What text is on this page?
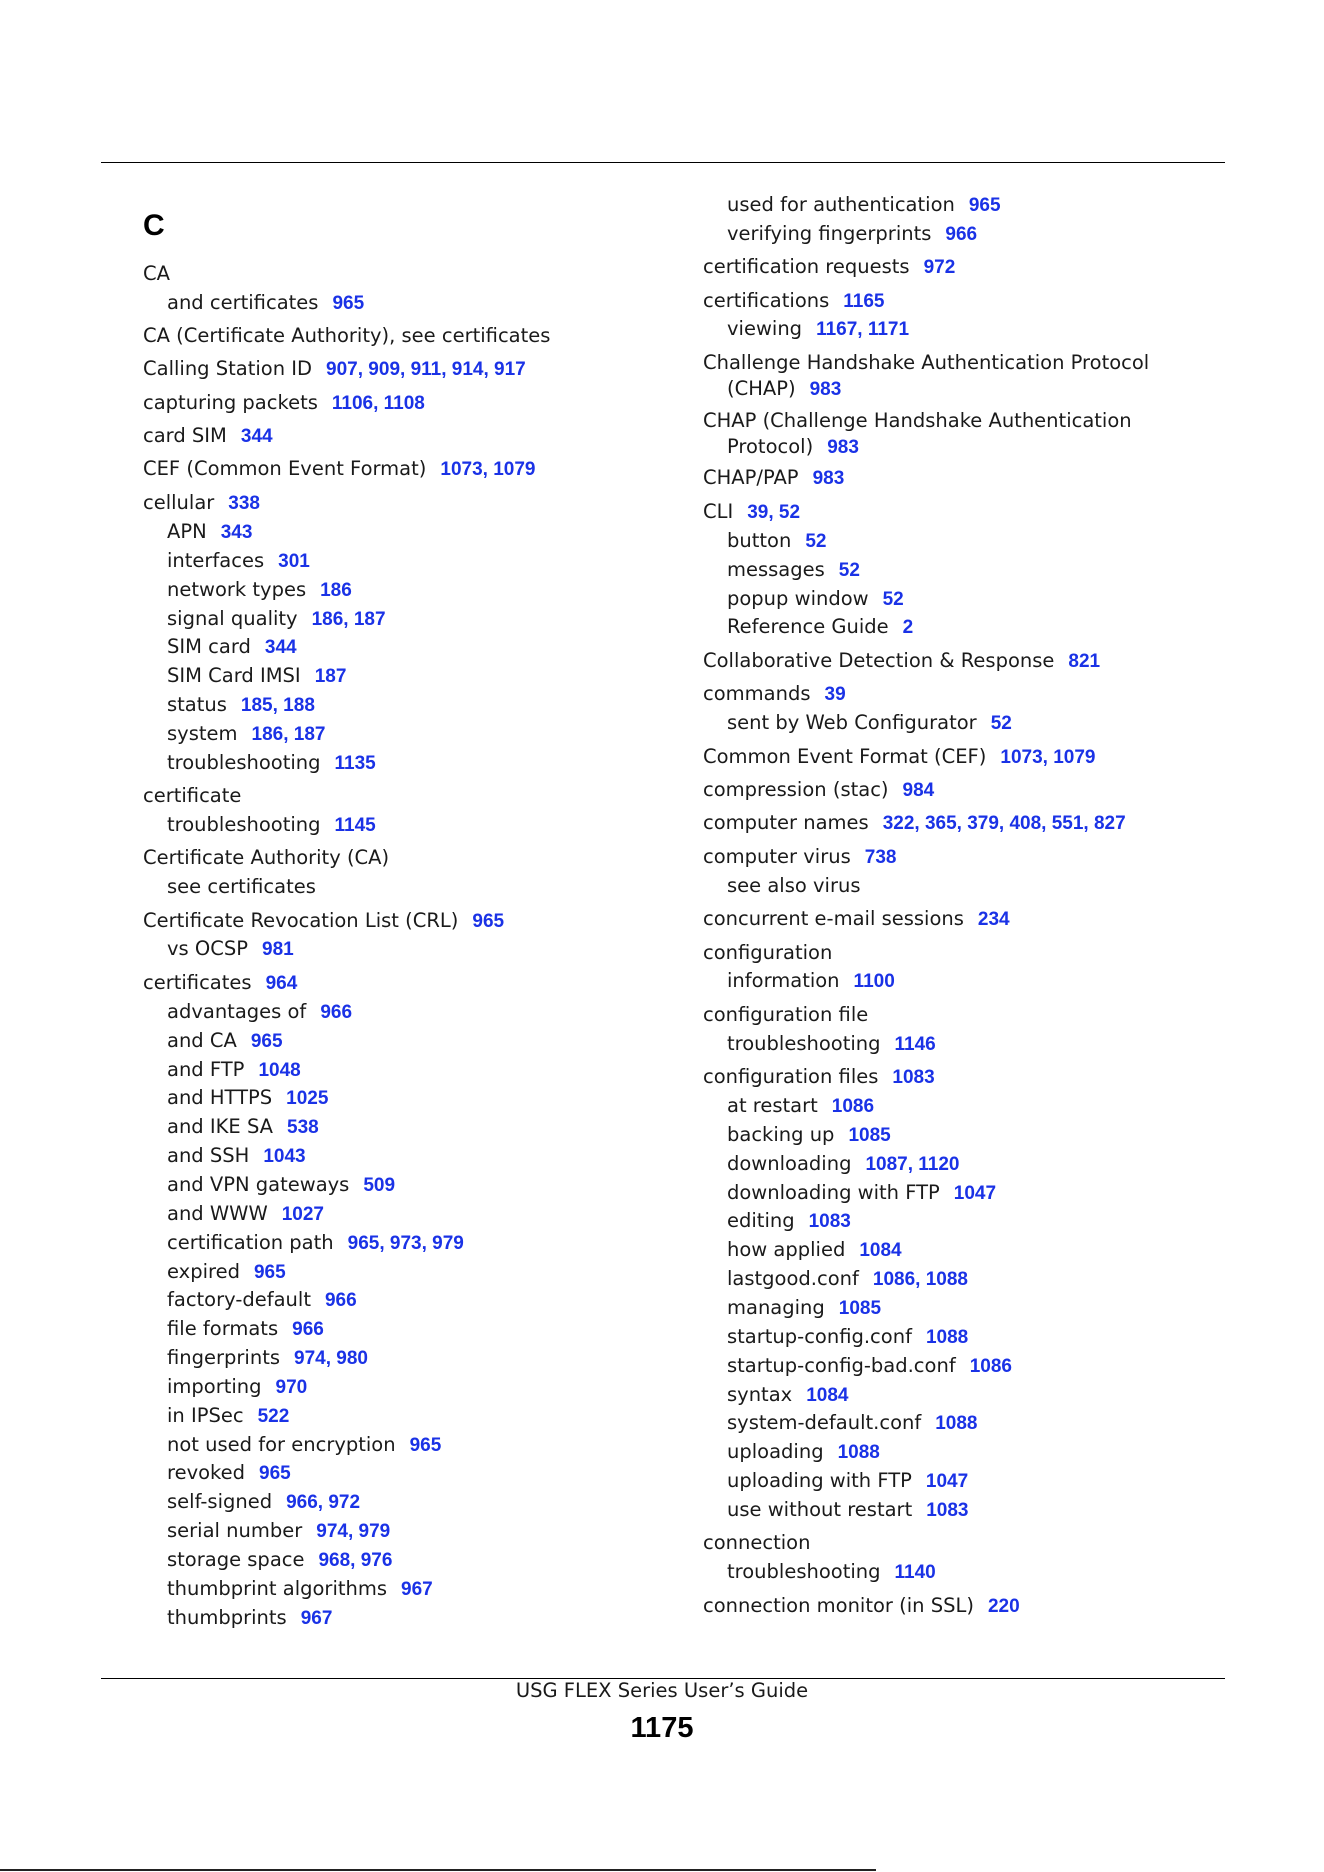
C
CA
and certificates 965
CA (Certificate Authority), see certificates
Calling Station ID 907, 909, 911, 914, 917
capturing packets 1106, 1108
card SIM 344
CEF (Common Event Format) 1073, 1079
cellular 338
APN 343
interfaces 301
network types 186
signal quality 186, 187
SIM card 344
SIM Card IMSI 187
status 185, 188
system 186, 187
troubleshooting 1135
certificate
troubleshooting 1145
Certificate Authority (CA)
see certificates
Certificate Revocation List (CRL) 965
vs OCSP 981
certificates 964
advantages of 966
and CA 965
and FTP 1048
and HTTPS 1025
and IKE SA 538
and SSH 1043
and VPN gateways 509
and WWW 1027
certification path 965, 973, 979
expired 965
factory-default 966
file formats 966
fingerprints 974, 980
importing 970
in IPSec 522
not used for encryption 965
revoked 965
self-signed 966, 972
serial number 974, 979
storage space 968, 976
thumbprint algorithms 967
thumbprints 967
used for authentication 965
verifying fingerprints 966
certification requests 972
certifications 1165
viewing 1167, 1171
Challenge Handshake Authentication Protocol
(CHAP) 983
CHAP (Challenge Handshake Authentication
Protocol) 983
CHAP/PAP 983
CLI 39, 52
button 52
messages 52
popup window 52
Reference Guide 2
Collaborative Detection & Response 821
commands 39
sent by Web Configurator 52
Common Event Format (CEF) 1073, 1079
compression (stac) 984
computer names 322, 365, 379, 408, 551, 827
computer virus 738
see also virus
concurrent e-mail sessions 234
configuration
information 1100
configuration file
troubleshooting 1146
configuration files 1083
at restart 1086
backing up 1085
downloading 1087, 1120
downloading with FTP 1047
editing 1083
how applied 1084
lastgood.conf 1086, 1088
managing 1085
startup-config.conf 1088
startup-config-bad.conf 1086
syntax 1084
system-default.conf 1088
uploading 1088
uploading with FTP 1047
use without restart 1083
connection
troubleshooting 1140
connection monitor (in SSL) 220
USG FLEX Series User’s Guide
1175
